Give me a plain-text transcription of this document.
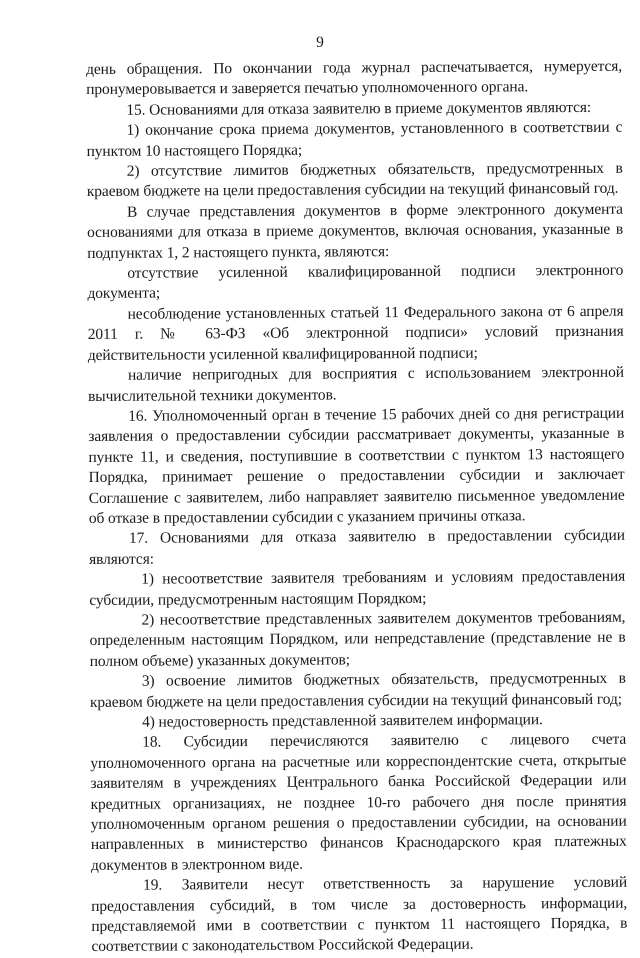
9

день обращения. По окончании года журнал распечатывается, нумеруется, пронумеровывается и заверяется печатью уполномоченного органа.

15. Основаниями для отказа заявителю в приеме документов являются:

1) окончание срока приема документов, установленного в соответствии с пунктом 10 настоящего Порядка;

2) отсутствие лимитов бюджетных обязательств, предусмотренных в краевом бюджете на цели предоставления субсидии на текущий финансовый год.

В случае представления документов в форме электронного документа основаниями для отказа в приеме документов, включая основания, указанные в подпунктах 1, 2 настоящего пункта, являются:

отсутствие усиленной квалифицированной подписи электронного документа;

несоблюдение установленных статьей 11 Федерального закона от 6 апреля 2011 г. № 63-ФЗ «Об электронной подписи» условий признания действительности усиленной квалифицированной подписи;

наличие непригодных для восприятия с использованием электронной вычислительной техники документов.

16. Уполномоченный орган в течение 15 рабочих дней со дня регистрации заявления о предоставлении субсидии рассматривает документы, указанные в пункте 11, и сведения, поступившие в соответствии с пунктом 13 настоящего Порядка, принимает решение о предоставлении субсидии и заключает Соглашение с заявителем, либо направляет заявителю письменное уведомление об отказе в предоставлении субсидии с указанием причины отказа.

17. Основаниями для отказа заявителю в предоставлении субсидии являются:

1) несоответствие заявителя требованиям и условиям предоставления субсидии, предусмотренным настоящим Порядком;

2) несоответствие представленных заявителем документов требованиям, определенным настоящим Порядком, или непредставление (представление не в полном объеме) указанных документов;

3) освоение лимитов бюджетных обязательств, предусмотренных в краевом бюджете на цели предоставления субсидии на текущий финансовый год;

4) недостоверность представленной заявителем информации.

18. Субсидии перечисляются заявителю с лицевого счета уполномоченного органа на расчетные или корреспондентские счета, открытые заявителям в учреждениях Центрального банка Российской Федерации или кредитных организациях, не позднее 10-го рабочего дня после принятия уполномоченным органом решения о предоставлении субсидии, на основании направленных в министерство финансов Краснодарского края платежных документов в электронном виде.

19. Заявители несут ответственность за нарушение условий предоставления субсидий, в том числе за достоверность информации, представляемой ими в соответствии с пунктом 11 настоящего Порядка, в соответствии с законодательством Российской Федерации.
